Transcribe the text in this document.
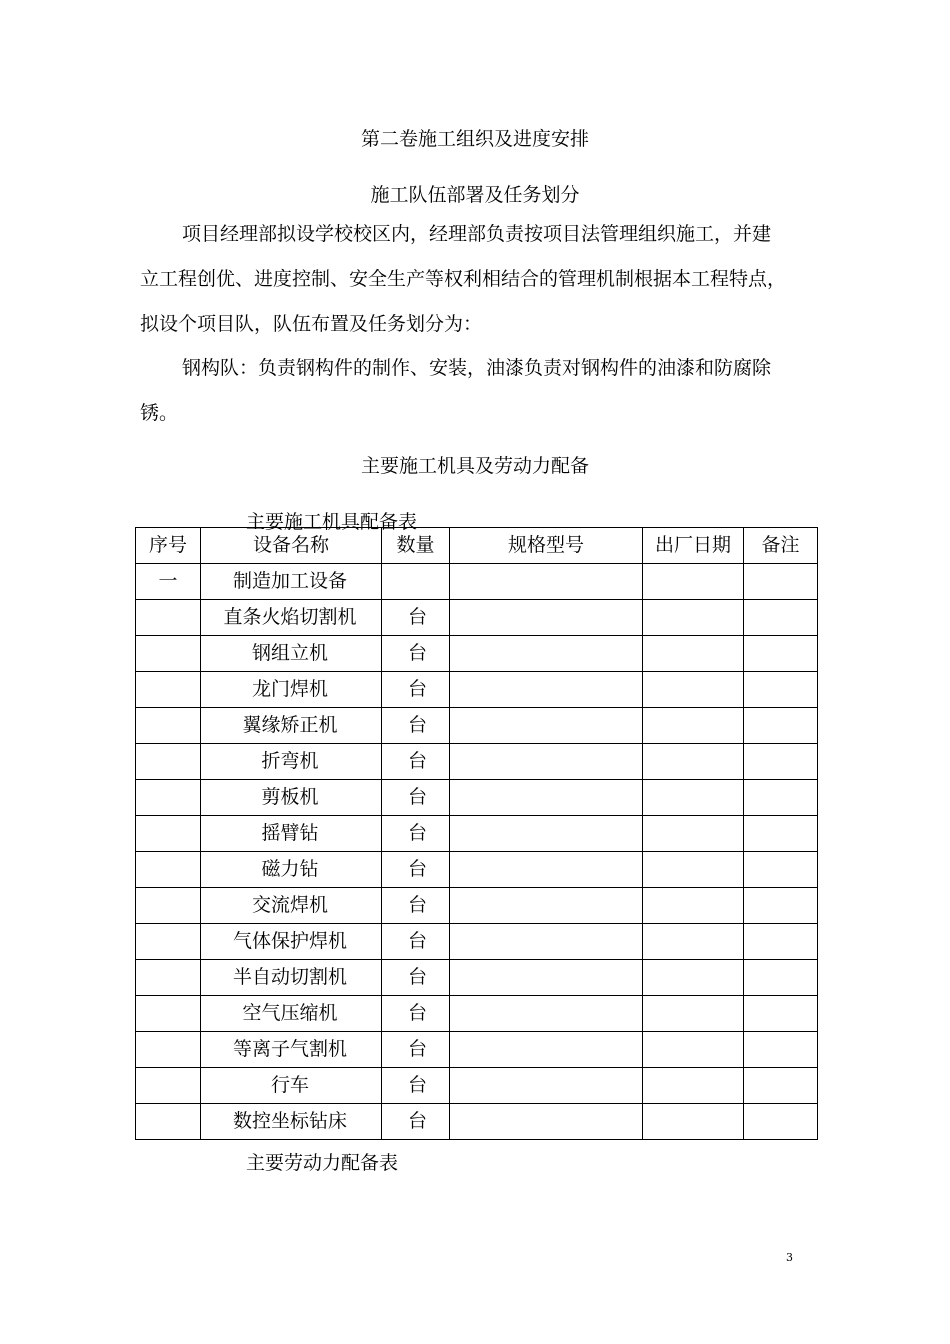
第二卷施工组织及进度安排
施工队伍部署及任务划分
项目经理部拟设学校校区内，经理部负责按项目法管理组织施工，并建
立工程创优、进度控制、安全生产等权利相结合的管理机制根据本工程特点，
拟设个项目队，队伍布置及任务划分为：
钢构队：负责钢构件的制作、安装，油漆负责对钢构件的油漆和防腐除
锈。
主要施工机具及劳动力配备
主要施工机具配备表
序号	设备名称	数量	规格型号	出厂日期	备注
一	制造加工设备				
	直条火焰切割机	台			
	钢组立机	台			
	龙门焊机	台			
	翼缘矫正机	台			
	折弯机	台			
	剪板机	台			
	摇臂钻	台			
	磁力钻	台			
	交流焊机	台			
	气体保护焊机	台			
	半自动切割机	台			
	空气压缩机	台			
	等离子气割机	台			
	行车	台			
	数控坐标钻床	台			
主要劳动力配备表
3
